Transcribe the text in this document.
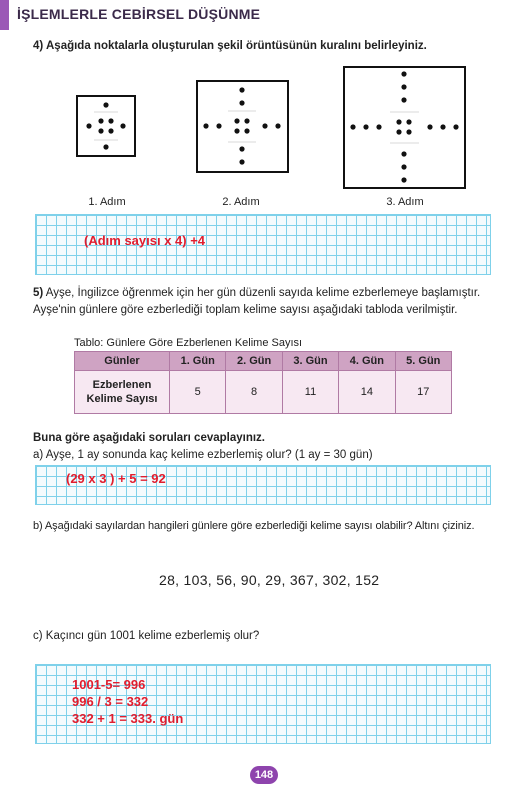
İŞLEMLERLE CEBİRSEL DÜŞÜNME
4) Aşağıda noktalarla oluşturulan şekil örüntüsünün kuralını belirleyiniz.
1. Adım	2. Adım	3. Adım
(Adım sayısı x 4) +4
5) Ayşe, İngilizce öğrenmek için her gün düzenli sayıda kelime ezberlemeye başlamıştır.
Ayşe'nin günlere göre ezberlediği toplam kelime sayısı aşağıdaki tabloda verilmiştir.
Tablo: Günlere Göre Ezberlenen Kelime Sayısı
Günler	1. Gün	2. Gün	3. Gün	4. Gün	5. Gün

Ezberlenen
Kelime Sayısı	5	8	11	14	17
Buna göre aşağıdaki soruları cevaplayınız.
a) Ayşe, 1 ay sonunda kaç kelime ezberlemiş olur? (1 ay = 30 gün)
(29 x 3 ) + 5 = 92
b) Aşağıdaki sayılardan hangileri günlere göre ezberlediği kelime sayısı olabilir? Altını çiziniz.
28, 103, 56, 90, 29, 367, 302, 152
c) Kaçıncı gün 1001 kelime ezberlemiş olur?
1001-5= 996
996 / 3 = 332
332 + 1 = 333. gün
148
